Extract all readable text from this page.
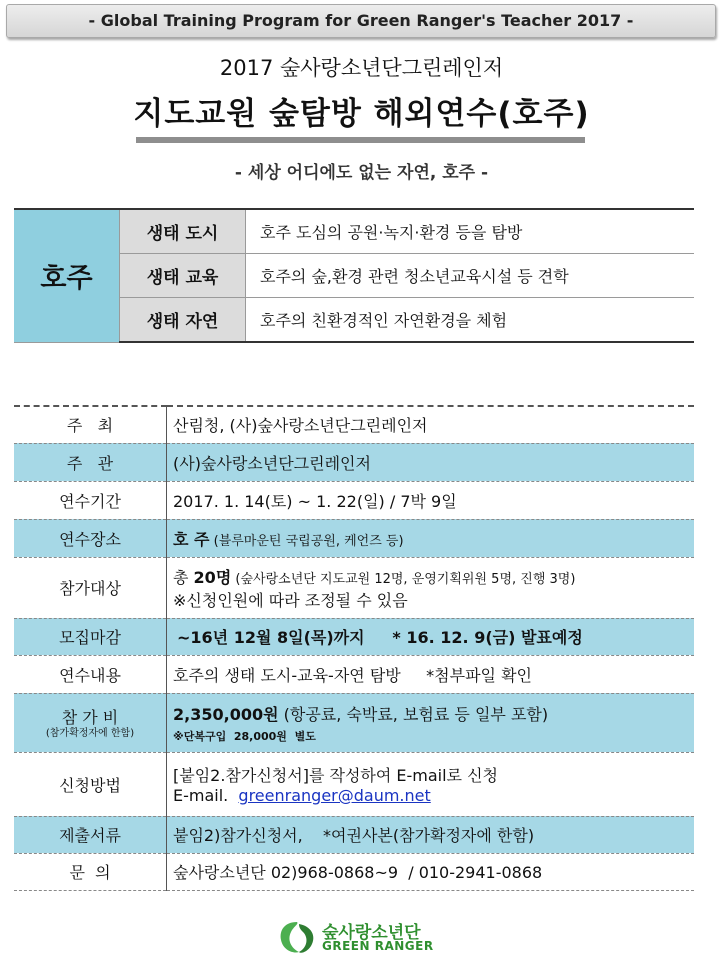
- Global Training Program for Green Ranger's Teacher 2017 -
2017 숲사랑소년단그린레인저
지도교원 숲탐방 해외연수(호주)
- 세상 어디에도 없는 자연, 호주 -
호주	생태 도시	호주 도심의 공원·녹지·환경 등을 탐방
	생태 교육	호주의 숲,환경 관련 청소년교육시설 등 견학
	생태 자연	호주의 친환경적인 자연환경을 체험
주   최	산림청, (사)숲사랑소년단그린레인저
주   관	(사)숲사랑소년단그린레인저
연수기간	2017. 1. 14(토) ~ 1. 22(일) / 7박 9일
연수장소	호 주 (블루마운틴 국립공원, 케언즈 등)
참가대상	총 20명 (숲사랑소년단 지도교원 12명, 운영기획위원 5명, 진행 3명)
※신청인원에 따라 조정될 수 있음
모집마감	~16년 12월 8일(목)까지     * 16. 12. 9(금) 발표예정
연수내용	호주의 생태 도시-교육-자연 탐방     *첨부파일 확인
참 가 비
(참가확정자에 한함)	2,350,000원 (항공료, 숙박료, 보험료 등 일부 포함)
※단복구입  28,000원  별도
신청방법	[붙임2.참가신청서]를 작성하여 E-mail로 신청
E-mail.  greenranger@daum.net
제출서류	붙임2)참가신청서,    *여권사본(참가확정자에 한함)
문  의	숲사랑소년단 02)968-0868~9  / 010-2941-0868
숲사랑소년단
GREEN RANGER
